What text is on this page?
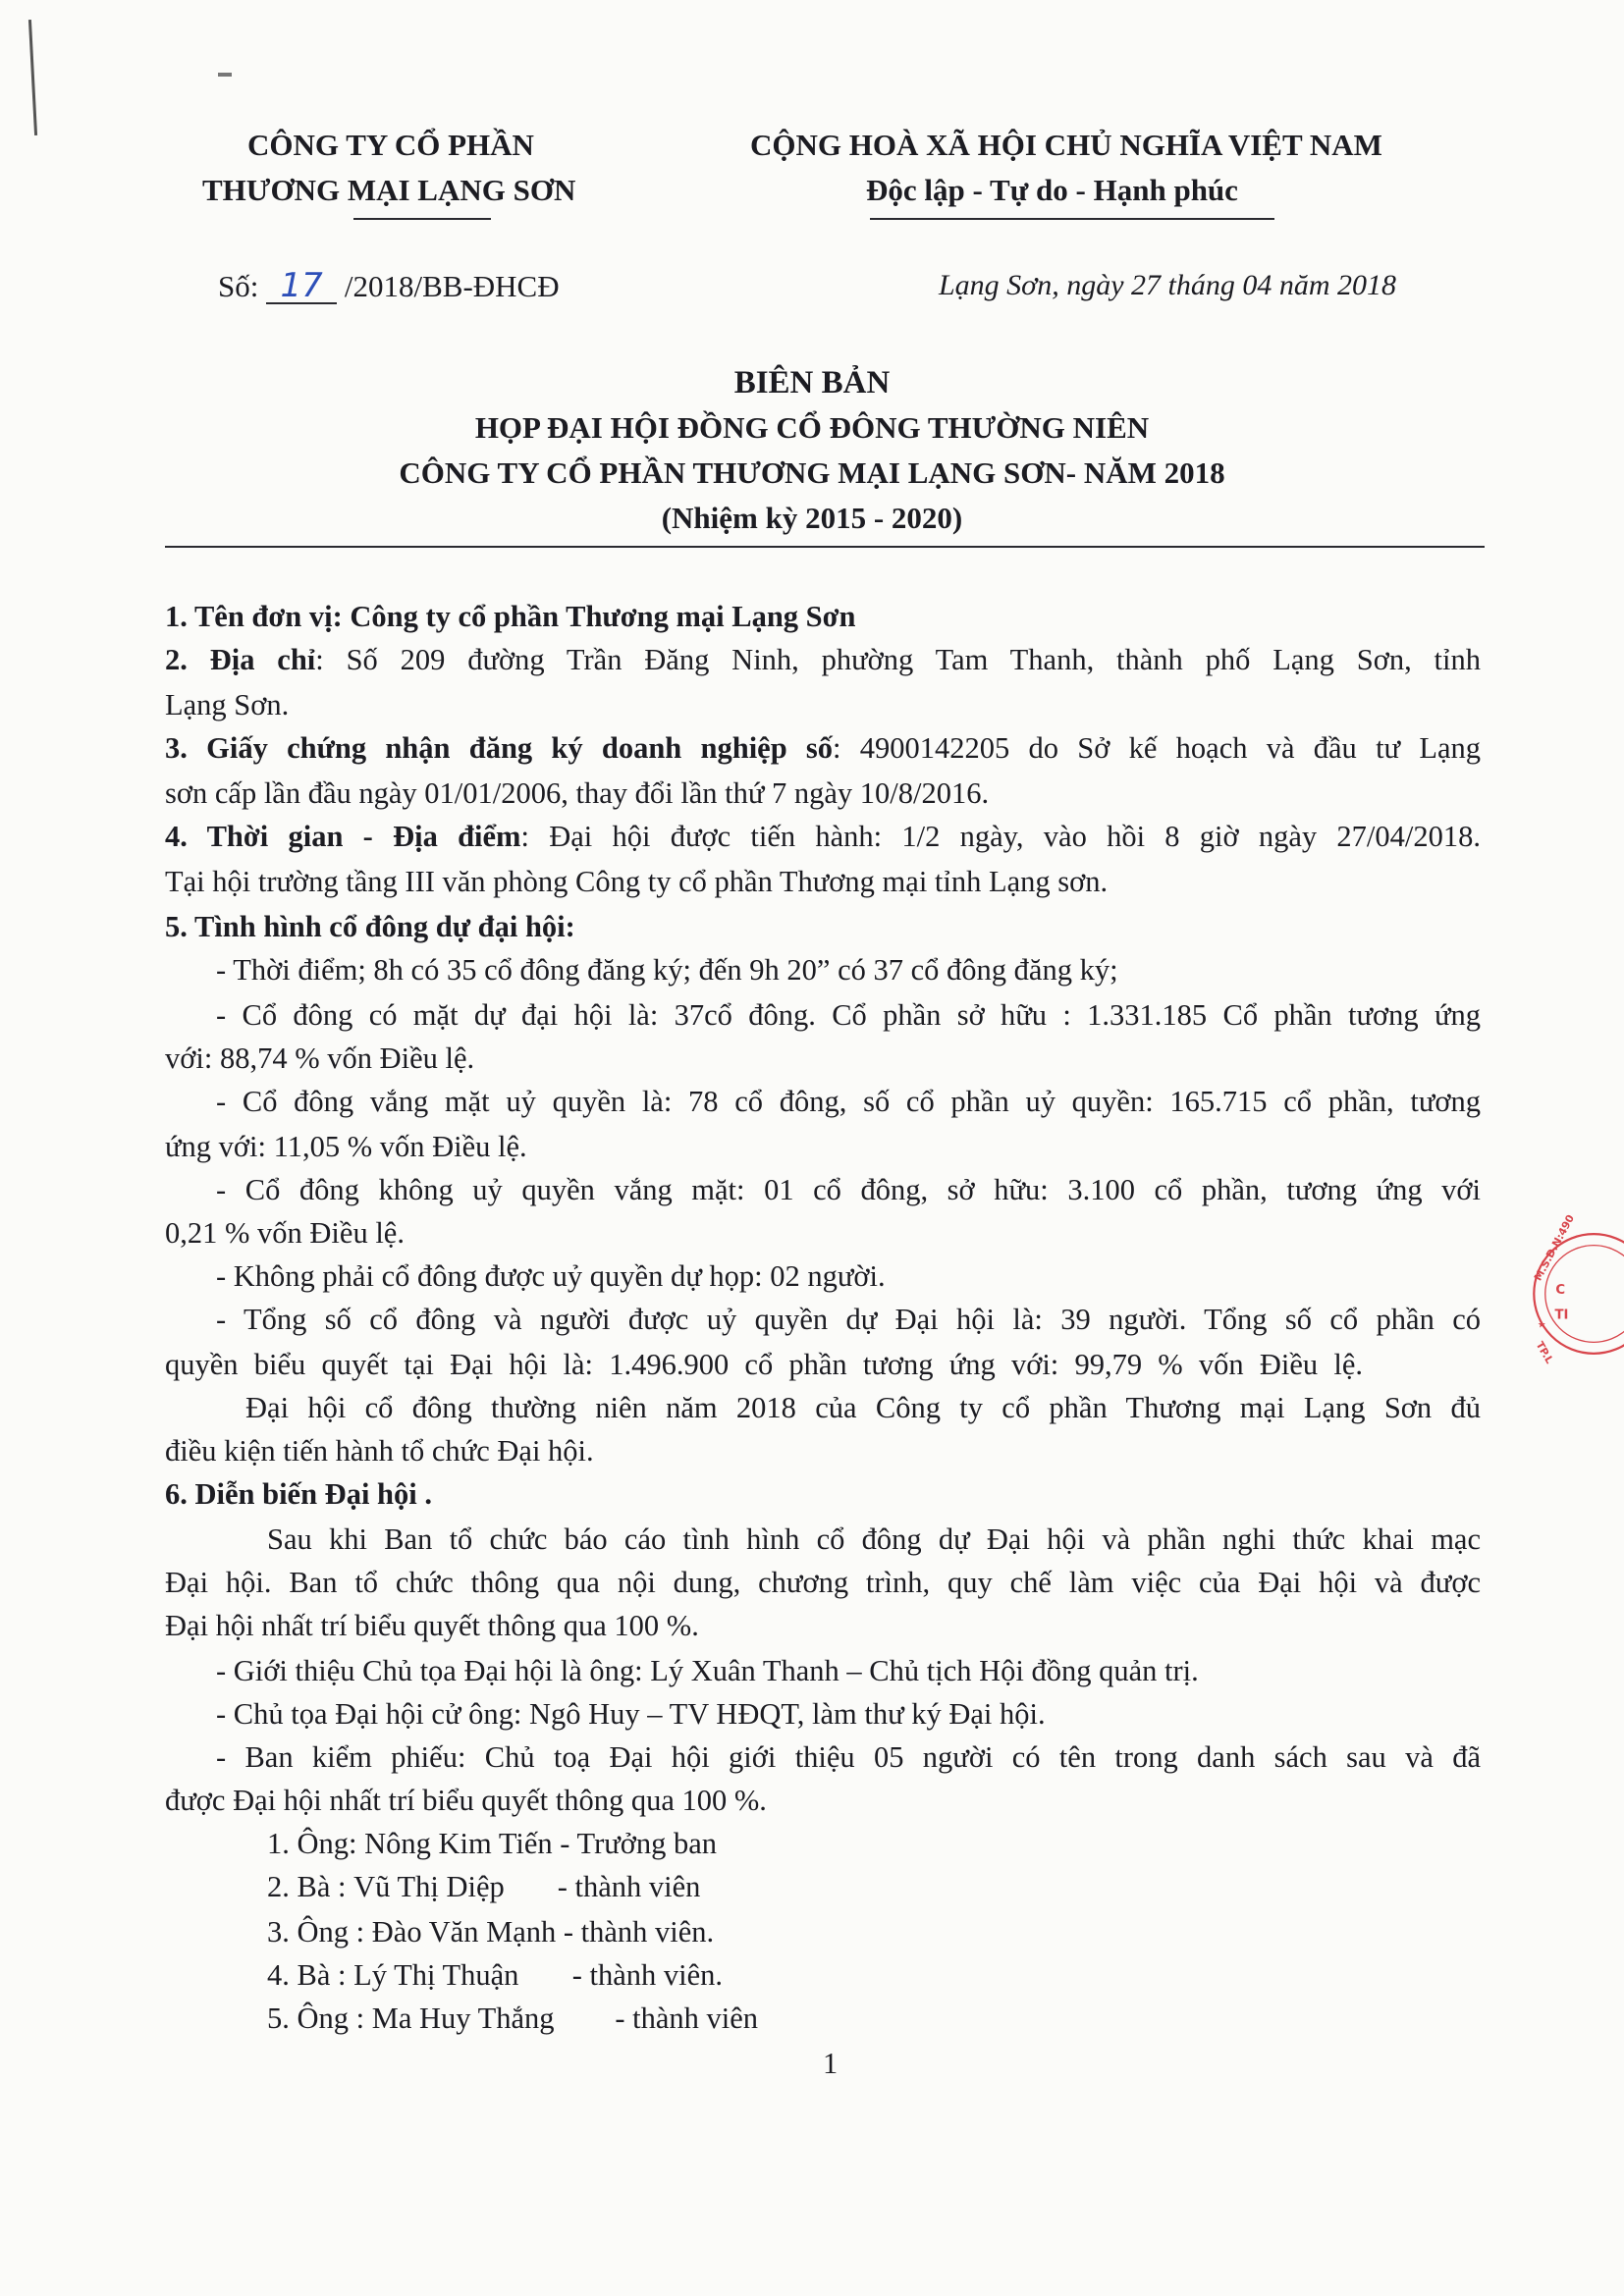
CÔNG TY CỔ PHẦN
THƯƠNG MẠI LẠNG SƠN
CỘNG HOÀ XÃ HỘI CHỦ NGHĨA VIỆT NAM
Độc lập - Tự do - Hạnh phúc
Số: 17 /2018/BB-ĐHCĐ	Lạng Sơn, ngày 27 tháng 04 năm 2018
BIÊN BẢN
HỌP ĐẠI HỘI ĐỒNG CỔ ĐÔNG THƯỜNG NIÊN
CÔNG TY CỔ PHẦN THƯƠNG MẠI LẠNG SƠN- NĂM 2018
(Nhiệm kỳ 2015 - 2020)
1. Tên đơn vị: Công ty cổ phần Thương mại Lạng Sơn
2. Địa chỉ: Số 209 đường Trần Đăng Ninh, phường Tam Thanh, thành phố Lạng Sơn, tỉnh
Lạng Sơn.
3. Giấy chứng nhận đăng ký doanh nghiệp số: 4900142205 do Sở kế hoạch và đầu tư Lạng
sơn cấp lần đầu ngày 01/01/2006, thay đổi lần thứ 7 ngày 10/8/2016.
4. Thời gian - Địa điểm: Đại hội được tiến hành: 1/2 ngày, vào hồi 8 giờ ngày 27/04/2018.
Tại hội trường tầng III văn phòng Công ty cổ phần Thương mại tỉnh Lạng sơn.
5. Tình hình cổ đông dự đại hội:
- Thời điểm; 8h có 35 cổ đông đăng ký; đến 9h 20” có 37 cổ đông đăng ký;
- Cổ đông có mặt dự đại hội là: 37cổ đông. Cổ phần sở hữu : 1.331.185 Cổ phần tương ứng
với: 88,74 % vốn Điều lệ.
- Cổ đông vắng mặt uỷ quyền là: 78 cổ đông, số cổ phần uỷ quyền: 165.715 cổ phần, tương
ứng với: 11,05 % vốn Điều lệ.
- Cổ đông không uỷ quyền vắng mặt: 01 cổ đông, sở hữu: 3.100 cổ phần, tương ứng với
0,21 % vốn Điều lệ.
- Không phải cổ đông được uỷ quyền dự họp: 02 người.
- Tổng số cổ đông và người được uỷ quyền dự Đại hội là: 39 người. Tổng số cổ phần có
quyền biểu quyết tại Đại hội là: 1.496.900 cổ phần tương ứng với: 99,79 % vốn Điều lệ.
Đại hội cổ đông thường niên năm 2018 của Công ty cổ phần Thương mại Lạng Sơn đủ
điều kiện tiến hành tổ chức Đại hội.
6. Diễn biến Đại hội .
Sau khi Ban tổ chức báo cáo tình hình cổ đông dự Đại hội và phần nghi thức khai mạc
Đại hội. Ban tổ chức thông qua nội dung, chương trình, quy chế làm việc của Đại hội và được
Đại hội nhất trí biểu quyết thông qua 100 %.
- Giới thiệu Chủ tọa Đại hội là ông: Lý Xuân Thanh – Chủ tịch Hội đồng quản trị.
- Chủ tọa Đại hội cử ông: Ngô Huy – TV HĐQT, làm thư ký Đại hội.
- Ban kiểm phiếu: Chủ toạ Đại hội giới thiệu 05 người có tên trong danh sách sau và đã
được Đại hội nhất trí biểu quyết thông qua 100 %.
1. Ông: Nông Kim Tiến - Trưởng ban
2. Bà : Vũ Thị Diệp - thành viên
3. Ông : Đào Văn Mạnh - thành viên.
4. Bà : Lý Thị Thuận - thành viên.
5. Ông : Ma Huy Thắng - thành viên
1
M.S.D.N:490
C
TI
★
TP.L
